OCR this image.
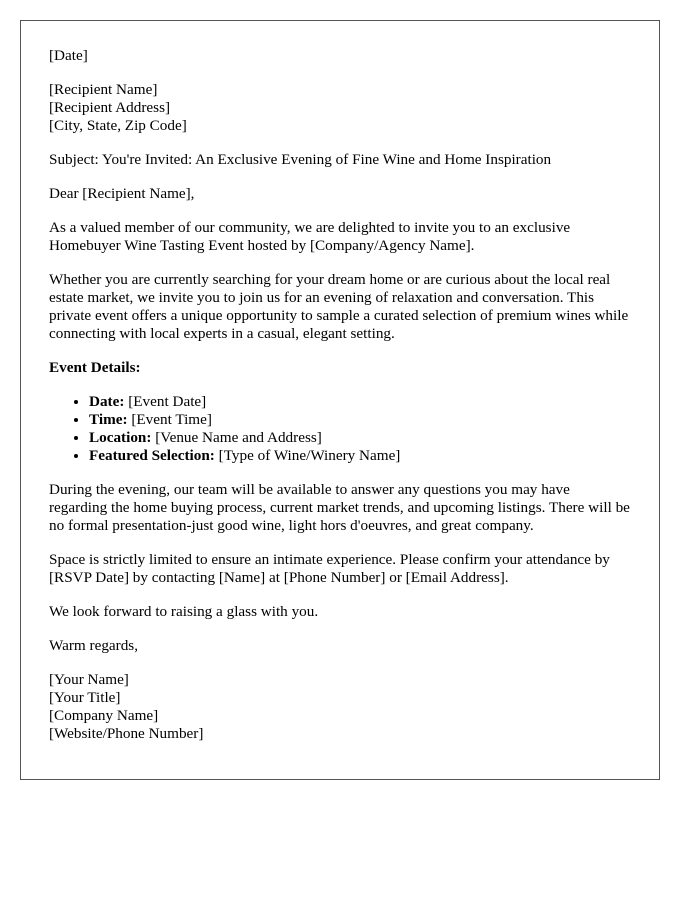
[Date]

[Recipient Name]
[Recipient Address]
[City, State, Zip Code]

Subject: You're Invited: An Exclusive Evening of Fine Wine and Home Inspiration

Dear [Recipient Name],

As a valued member of our community, we are delighted to invite you to an exclusive Homebuyer Wine Tasting Event hosted by [Company/Agency Name].

Whether you are currently searching for your dream home or are curious about the local real estate market, we invite you to join us for an evening of relaxation and conversation. This private event offers a unique opportunity to sample a curated selection of premium wines while connecting with local experts in a casual, elegant setting.

Event Details:

• Date: [Event Date]
• Time: [Event Time]
• Location: [Venue Name and Address]
• Featured Selection: [Type of Wine/Winery Name]

During the evening, our team will be available to answer any questions you may have regarding the home buying process, current market trends, and upcoming listings. There will be no formal presentation-just good wine, light hors d'oeuvres, and great company.

Space is strictly limited to ensure an intimate experience. Please confirm your attendance by [RSVP Date] by contacting [Name] at [Phone Number] or [Email Address].

We look forward to raising a glass with you.

Warm regards,

[Your Name]
[Your Title]
[Company Name]
[Website/Phone Number]
